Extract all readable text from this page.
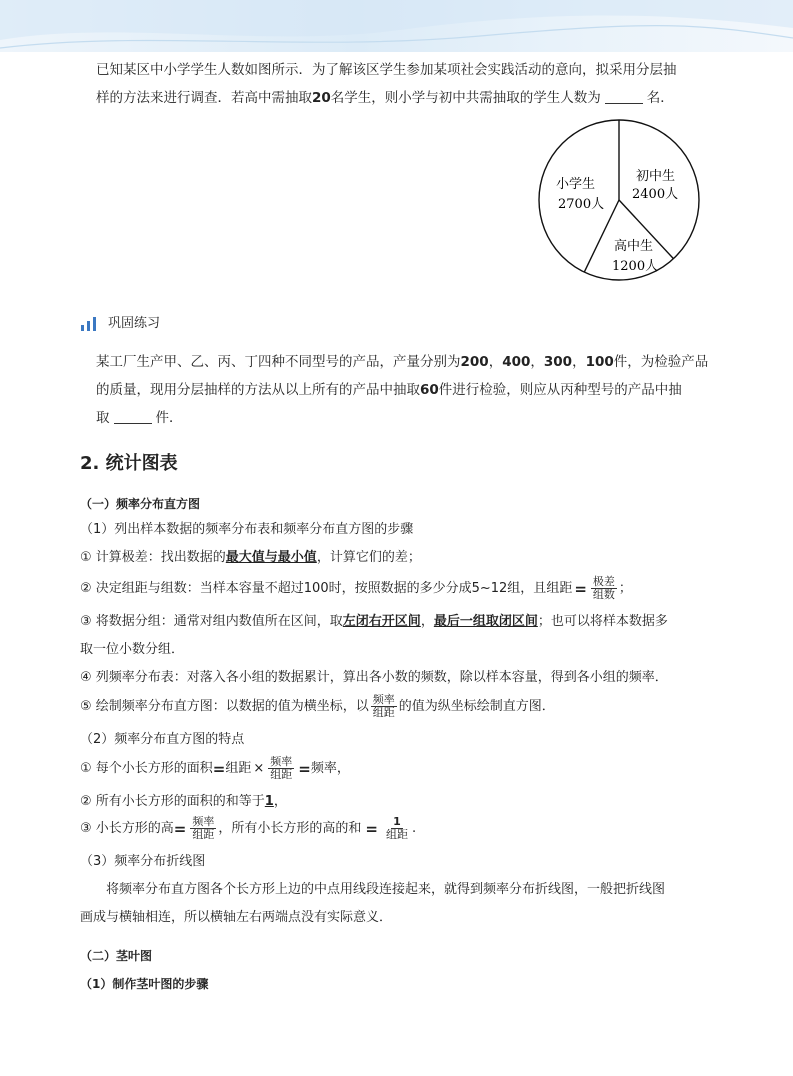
已知某区中小学学生人数如图所示．为了解该区学生参加某项社会实践活动的意向，拟采用分层抽
样的方法来进行调查．若高中需抽取20名学生，则小学与初中共需抽取的学生人数为	名．
初中生
2400人
高中生
1200人
小学生
2700人
巩固练习
某工厂生产甲、乙、丙、丁四种不同型号的产品，产量分别为200，400，300，100件，为检验产品
的质量，现用分层抽样的方法从以上所有的产品中抽取60件进行检验，则应从丙种型号的产品中抽
取	件．
2. 统计图表
（一）频率分布直方图
（1）列出样本数据的频率分布表和频率分布直方图的步骤
① 计算极差：找出数据的最大值与最小值，计算它们的差；
② 决定组距与组数：当样本容量不超过100时，按照数据的多少分成5~12组，且 组距 = $\frac{\text{极差}}{\text{组数}}$ ；
③ 将数据分组：通常对组内数值所在区间，取左闭右开区间，最后一组取闭区间；也可以将样本数据多
取一位小数分组．
④ 列频率分布表：对落入各小组的数据累计，算出各小数的频数，除以样本容量，得到各小组的频率．
⑤ 绘制频率分布直方图：以数据的值为横坐标，以 $\frac{\text{频率}}{\text{组距}}$ 的值为纵坐标绘制直方图．
（2）频率分布直方图的特点
① 每个小长方形的面积 = 组距 × $\frac{\text{频率}}{\text{组距}}$ = 频率 ，
② 所有小长方形的面积的和等于1，
③ 小长方形的高 = $\frac{\text{频率}}{\text{组距}}$ ，所有小长方形的高的和 = $\frac{1}{\text{组距}}$ .
（3）频率分布折线图
将频率分布直方图各个长方形上边的中点用线段连接起来，就得到频率分布折线图，一般把折线图
画成与横轴相连，所以横轴左右两端点没有实际意义．
（二）茎叶图
（1）制作茎叶图的步骤
